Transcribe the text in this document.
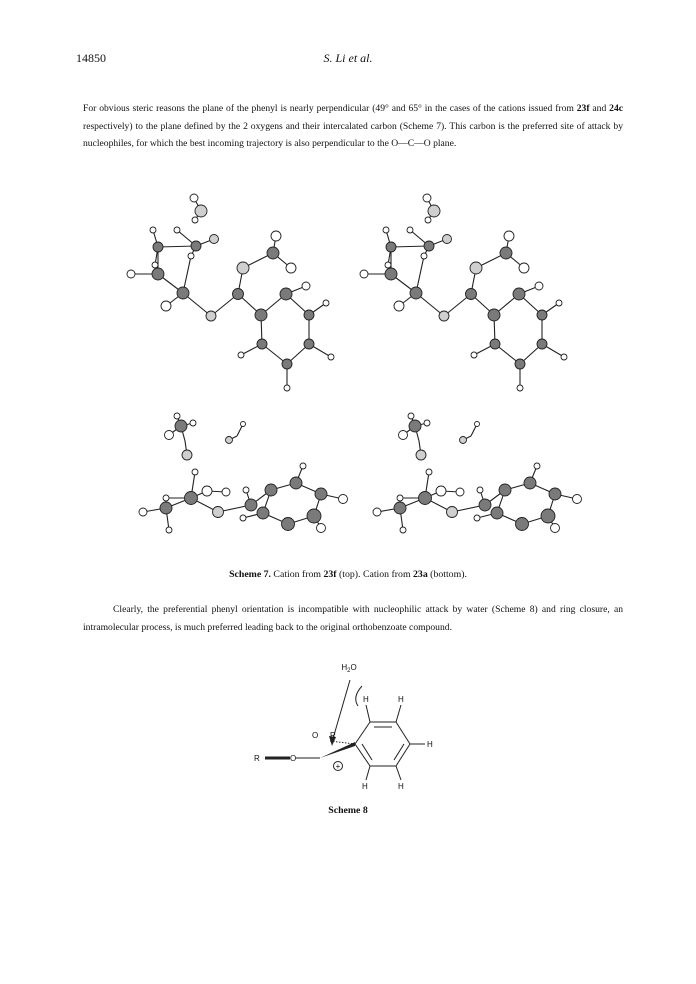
14850	S. Li et al.

For obvious steric reasons the plane of the phenyl is nearly perpendicular (49° and 65° in the cases of the cations issued from 23f and 24c respectively) to the plane defined by the 2 oxygens and their intercalated carbon (Scheme 7). This carbon is the preferred site of attack by nucleophiles, for which the best incoming trajectory is also perpendicular to the O—C—O plane.

$H_2O$
O R
R	O
+
H	H
H
H	H
Scheme 7. Cation from 23f (top). Cation from 23a (bottom).

Clearly, the preferential phenyl orientation is incompatible with nucleophilic attack by water (Scheme 8) and ring closure, an intramolecular process, is much preferred leading back to the original orthobenzoate compound.

Scheme 8
